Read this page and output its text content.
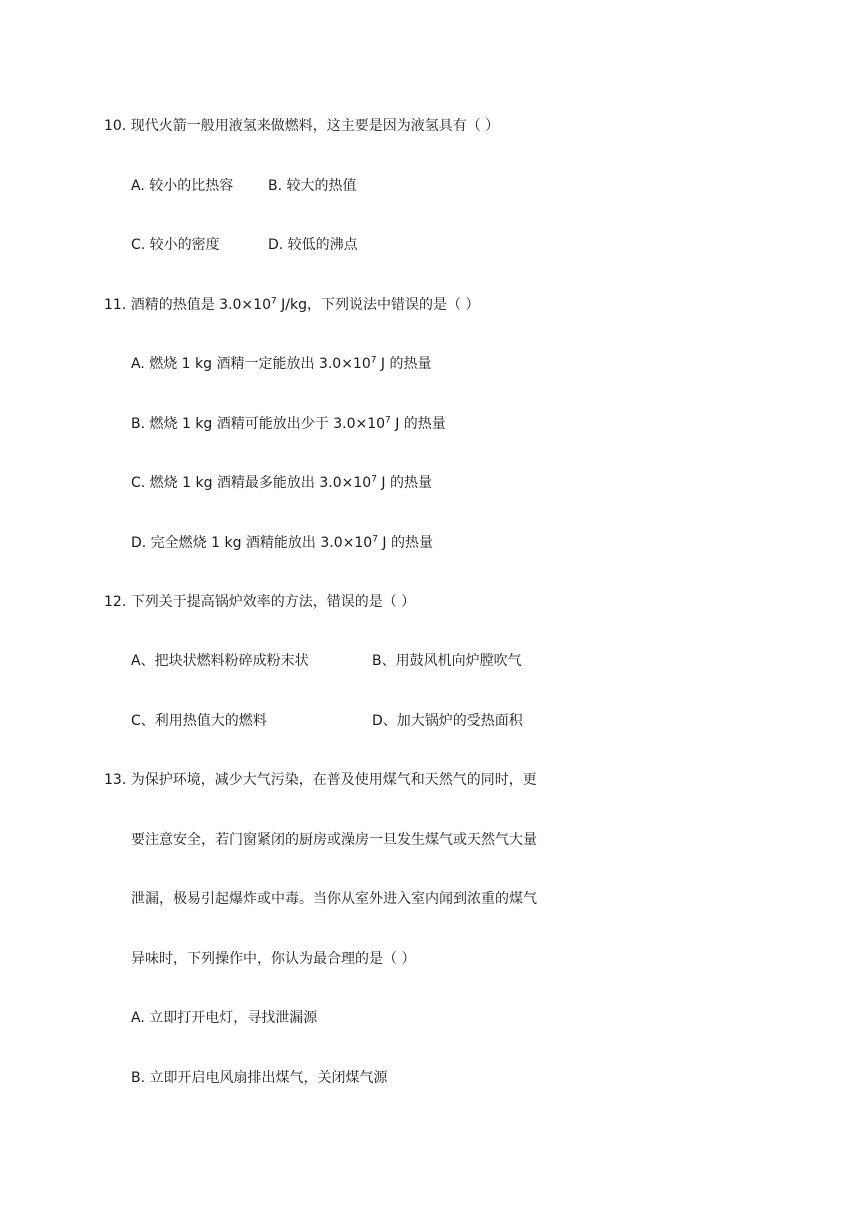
10. 现代火箭一般用液氢来做燃料，这主要是因为液氢具有（ ）
A. 较小的比热容 B. 较大的热值
C. 较小的密度	D. 较低的沸点
11. 酒精的热值是 $3.0\times 10^7$ J/kg，下列说法中错误的是（ ）
A. 燃烧 1 kg 酒精一定能放出 $3.0\times 10^7$ J 的热量
B. 燃烧 1 kg 酒精可能放出少于 $3.0\times 10^7$ J 的热量
C. 燃烧 1 kg 酒精最多能放出 $3.0\times 10^7$ J 的热量
D. 完全燃烧 1 kg 酒精能放出 $3.0\times 10^7$ J 的热量
12. 下列关于提高锅炉效率的方法，错误的是（ ）
A、把块状燃料粉碎成粉末状	B、用鼓风机向炉膛吹气
C、利用热值大的燃料	D、加大锅炉的受热面积
13. 为保护环境，减少大气污染，在普及使用煤气和天然气的同时，更
要注意安全，若门窗紧闭的厨房或澡房一旦发生煤气或天然气大量
泄漏，极易引起爆炸或中毒。当你从室外进入室内闻到浓重的煤气
异味时，下列操作中，你认为最合理的是（ ）
A. 立即打开电灯，寻找泄漏源
B. 立即开启电风扇排出煤气，关闭煤气源
